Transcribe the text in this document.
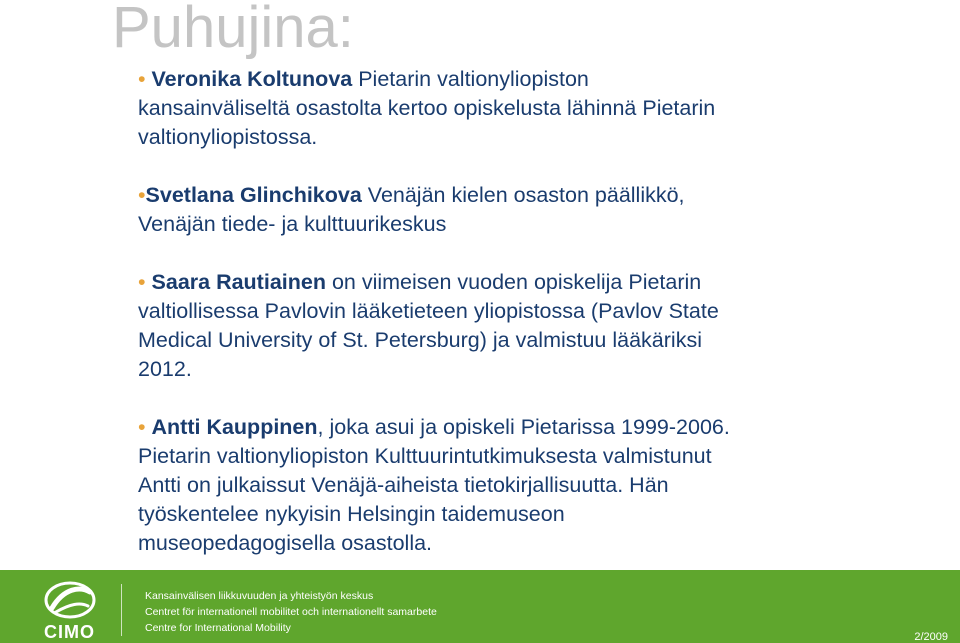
Puhujina:

• Veronika Koltunova Pietarin valtionyliopiston kansainväliseltä osastolta kertoo opiskelusta lähinnä Pietarin valtionyliopistossa.

•Svetlana Glinchikova Venäjän kielen osaston päällikkö, Venäjän tiede- ja kulttuurikeskus

• Saara Rautiainen on viimeisen vuoden opiskelija Pietarin valtiollisessa Pavlovin lääketieteen yliopistossa (Pavlov State Medical University of St. Petersburg) ja valmistuu lääkäriksi 2012.

• Antti Kauppinen, joka asui ja opiskeli Pietarissa 1999-2006. Pietarin valtionyliopiston Kulttuurintutkimuksesta valmistunut Antti on julkaissut Venäjä-aiheista tietokirjallisuutta. Hän työskentelee nykyisin Helsingin taidemuseon museopedagogisella osastolla.

CIMO
Kansainvälisen liikkuvuuden ja yhteistyön keskus
Centret för internationell mobilitet och internationellt samarbete
Centre for International Mobility
2/2009
